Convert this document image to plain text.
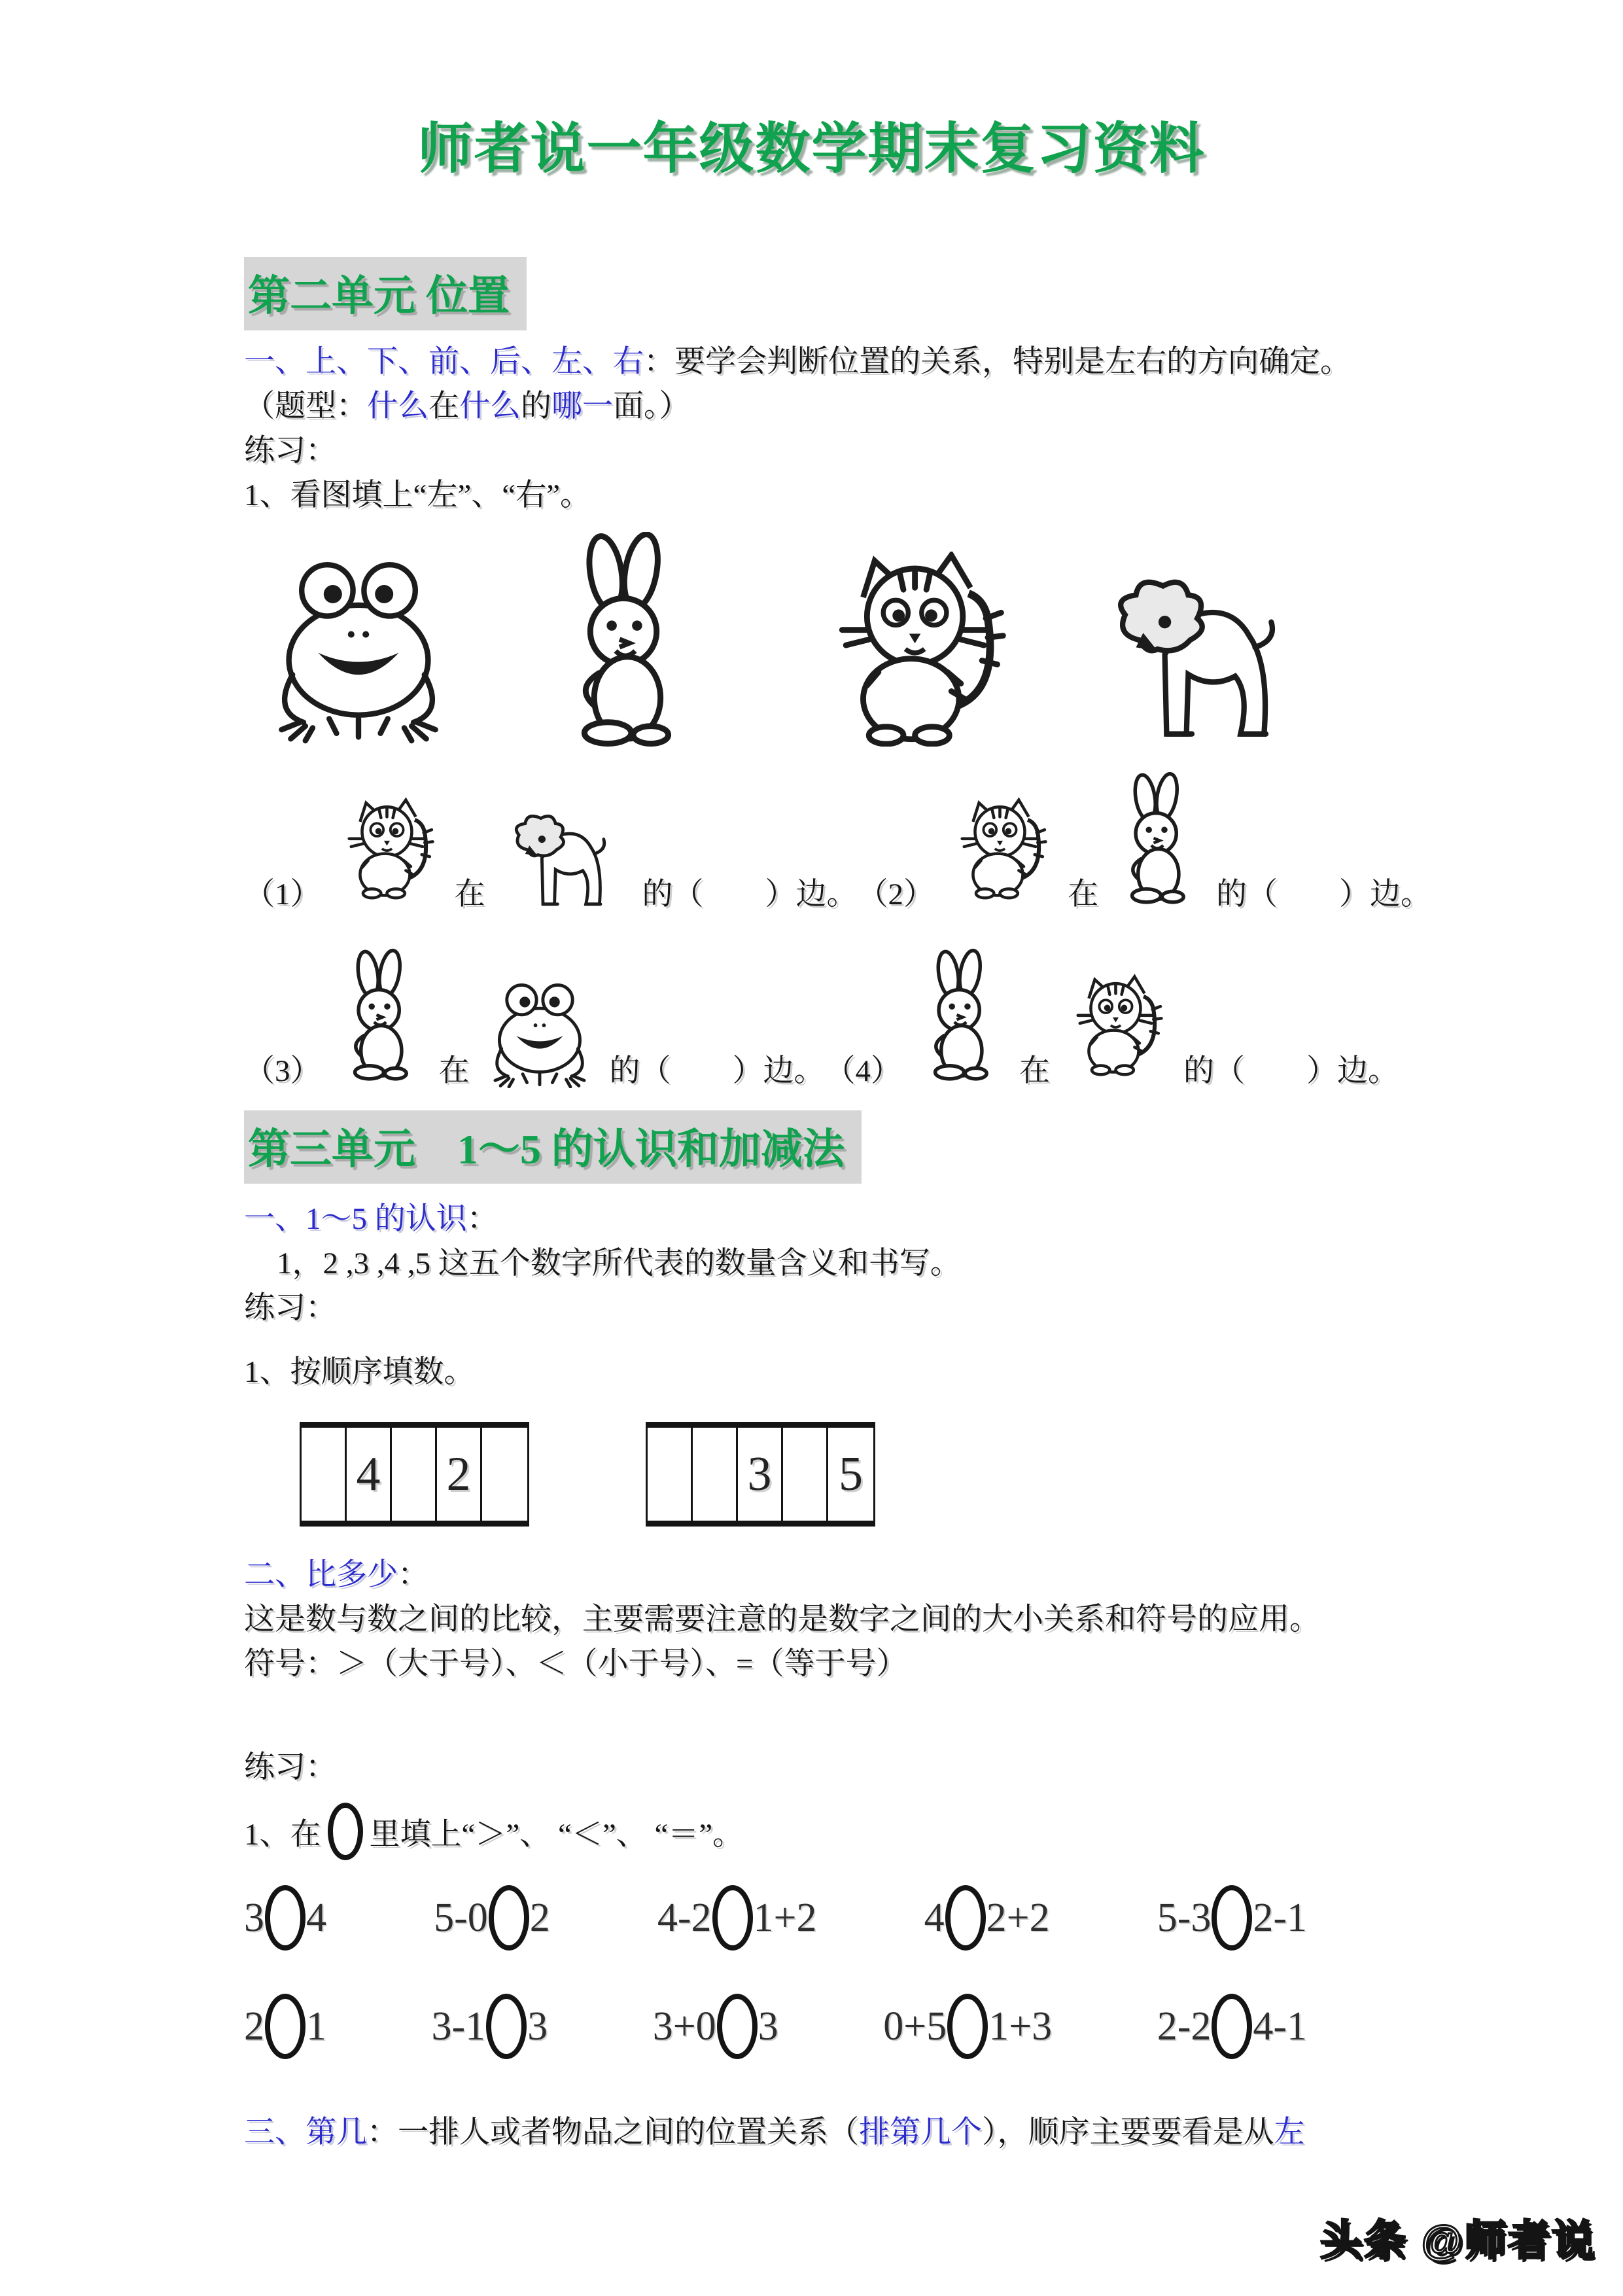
师者说一年级数学期末复习资料
第二单元 位置

一、上、下、前、后、左、右：要学会判断位置的关系，特别是左右的方向确定。

（题型：什么在什么的哪一面。）

练习：

1、看图填上“左”、“右”。

（1）	在	的（　　）边。 （2）	在	的（　　）边。
（3）	在	的（　　）边。 （4）	在	的（　　）边。
第三单元　1～5 的认识和加减法

一、1～5 的认识：

1，2 ,3 ,4 ,5 这五个数字所代表的数量含义和书写。

练习：

1、按顺序填数。

4 2	3 5

二、比多少：

这是数与数之间的比较，主要需要注意的是数字之间的大小关系和符号的应用。

符号：＞（大于号）、＜（小于号）、=（等于号）

练习：

1、在 里填上“＞”、 “＜”、 “＝”。

3 4	5-0 2	4-2 1+2	4 2+2	5-3 2-1
2 1	3-1 3	3+0 3	0+5 1+3	2-2 4-1

三、第几：一排人或者物品之间的位置关系（排第几个），顺序主要要看是从左

头条 @师者说
